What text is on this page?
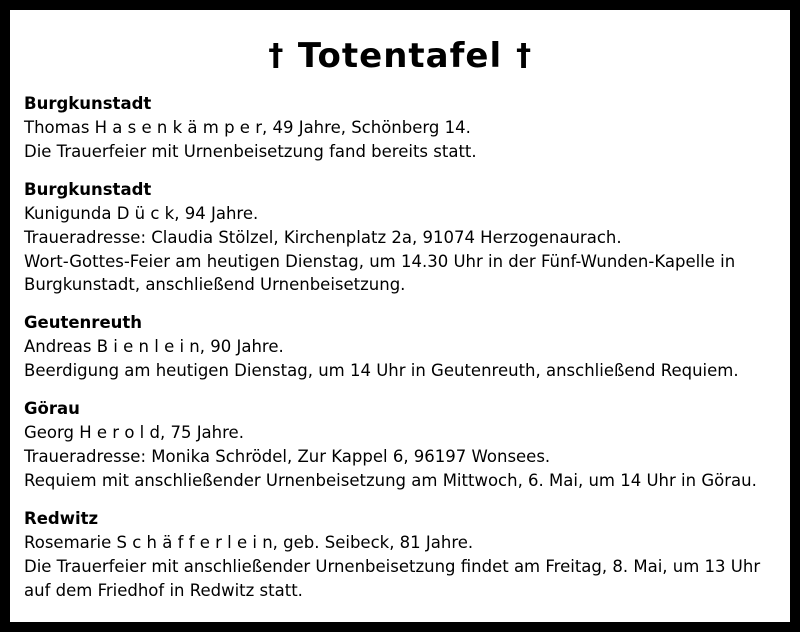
† Totentafel †
Burgkunstadt
Thomas H a s e n k ä m p e r, 49 Jahre, Schönberg 14.
Die Trauerfeier mit Urnenbeisetzung fand bereits statt.
Burgkunstadt
Kunigunda D ü c k, 94 Jahre.
Traueradresse: Claudia Stölzel, Kirchenplatz 2a, 91074 Herzogenaurach.
Wort-Gottes-Feier am heutigen Dienstag, um 14.30 Uhr in der Fünf-Wunden-Kapelle in Burgkunstadt, anschließend Urnenbeisetzung.
Geutenreuth
Andreas B i e n l e i n, 90 Jahre.
Beerdigung am heutigen Dienstag, um 14 Uhr in Geutenreuth, anschließend Requiem.
Görau
Georg H e r o l d, 75 Jahre.
Traueradresse: Monika Schrödel, Zur Kappel 6, 96197 Wonsees.
Requiem mit anschließender Urnenbeisetzung am Mittwoch, 6. Mai, um 14 Uhr in Görau.
Redwitz
Rosemarie S c h ä f f e r l e i n, geb. Seibeck, 81 Jahre.
Die Trauerfeier mit anschließender Urnenbeisetzung findet am Freitag, 8. Mai, um 13 Uhr auf dem Friedhof in Redwitz statt.
